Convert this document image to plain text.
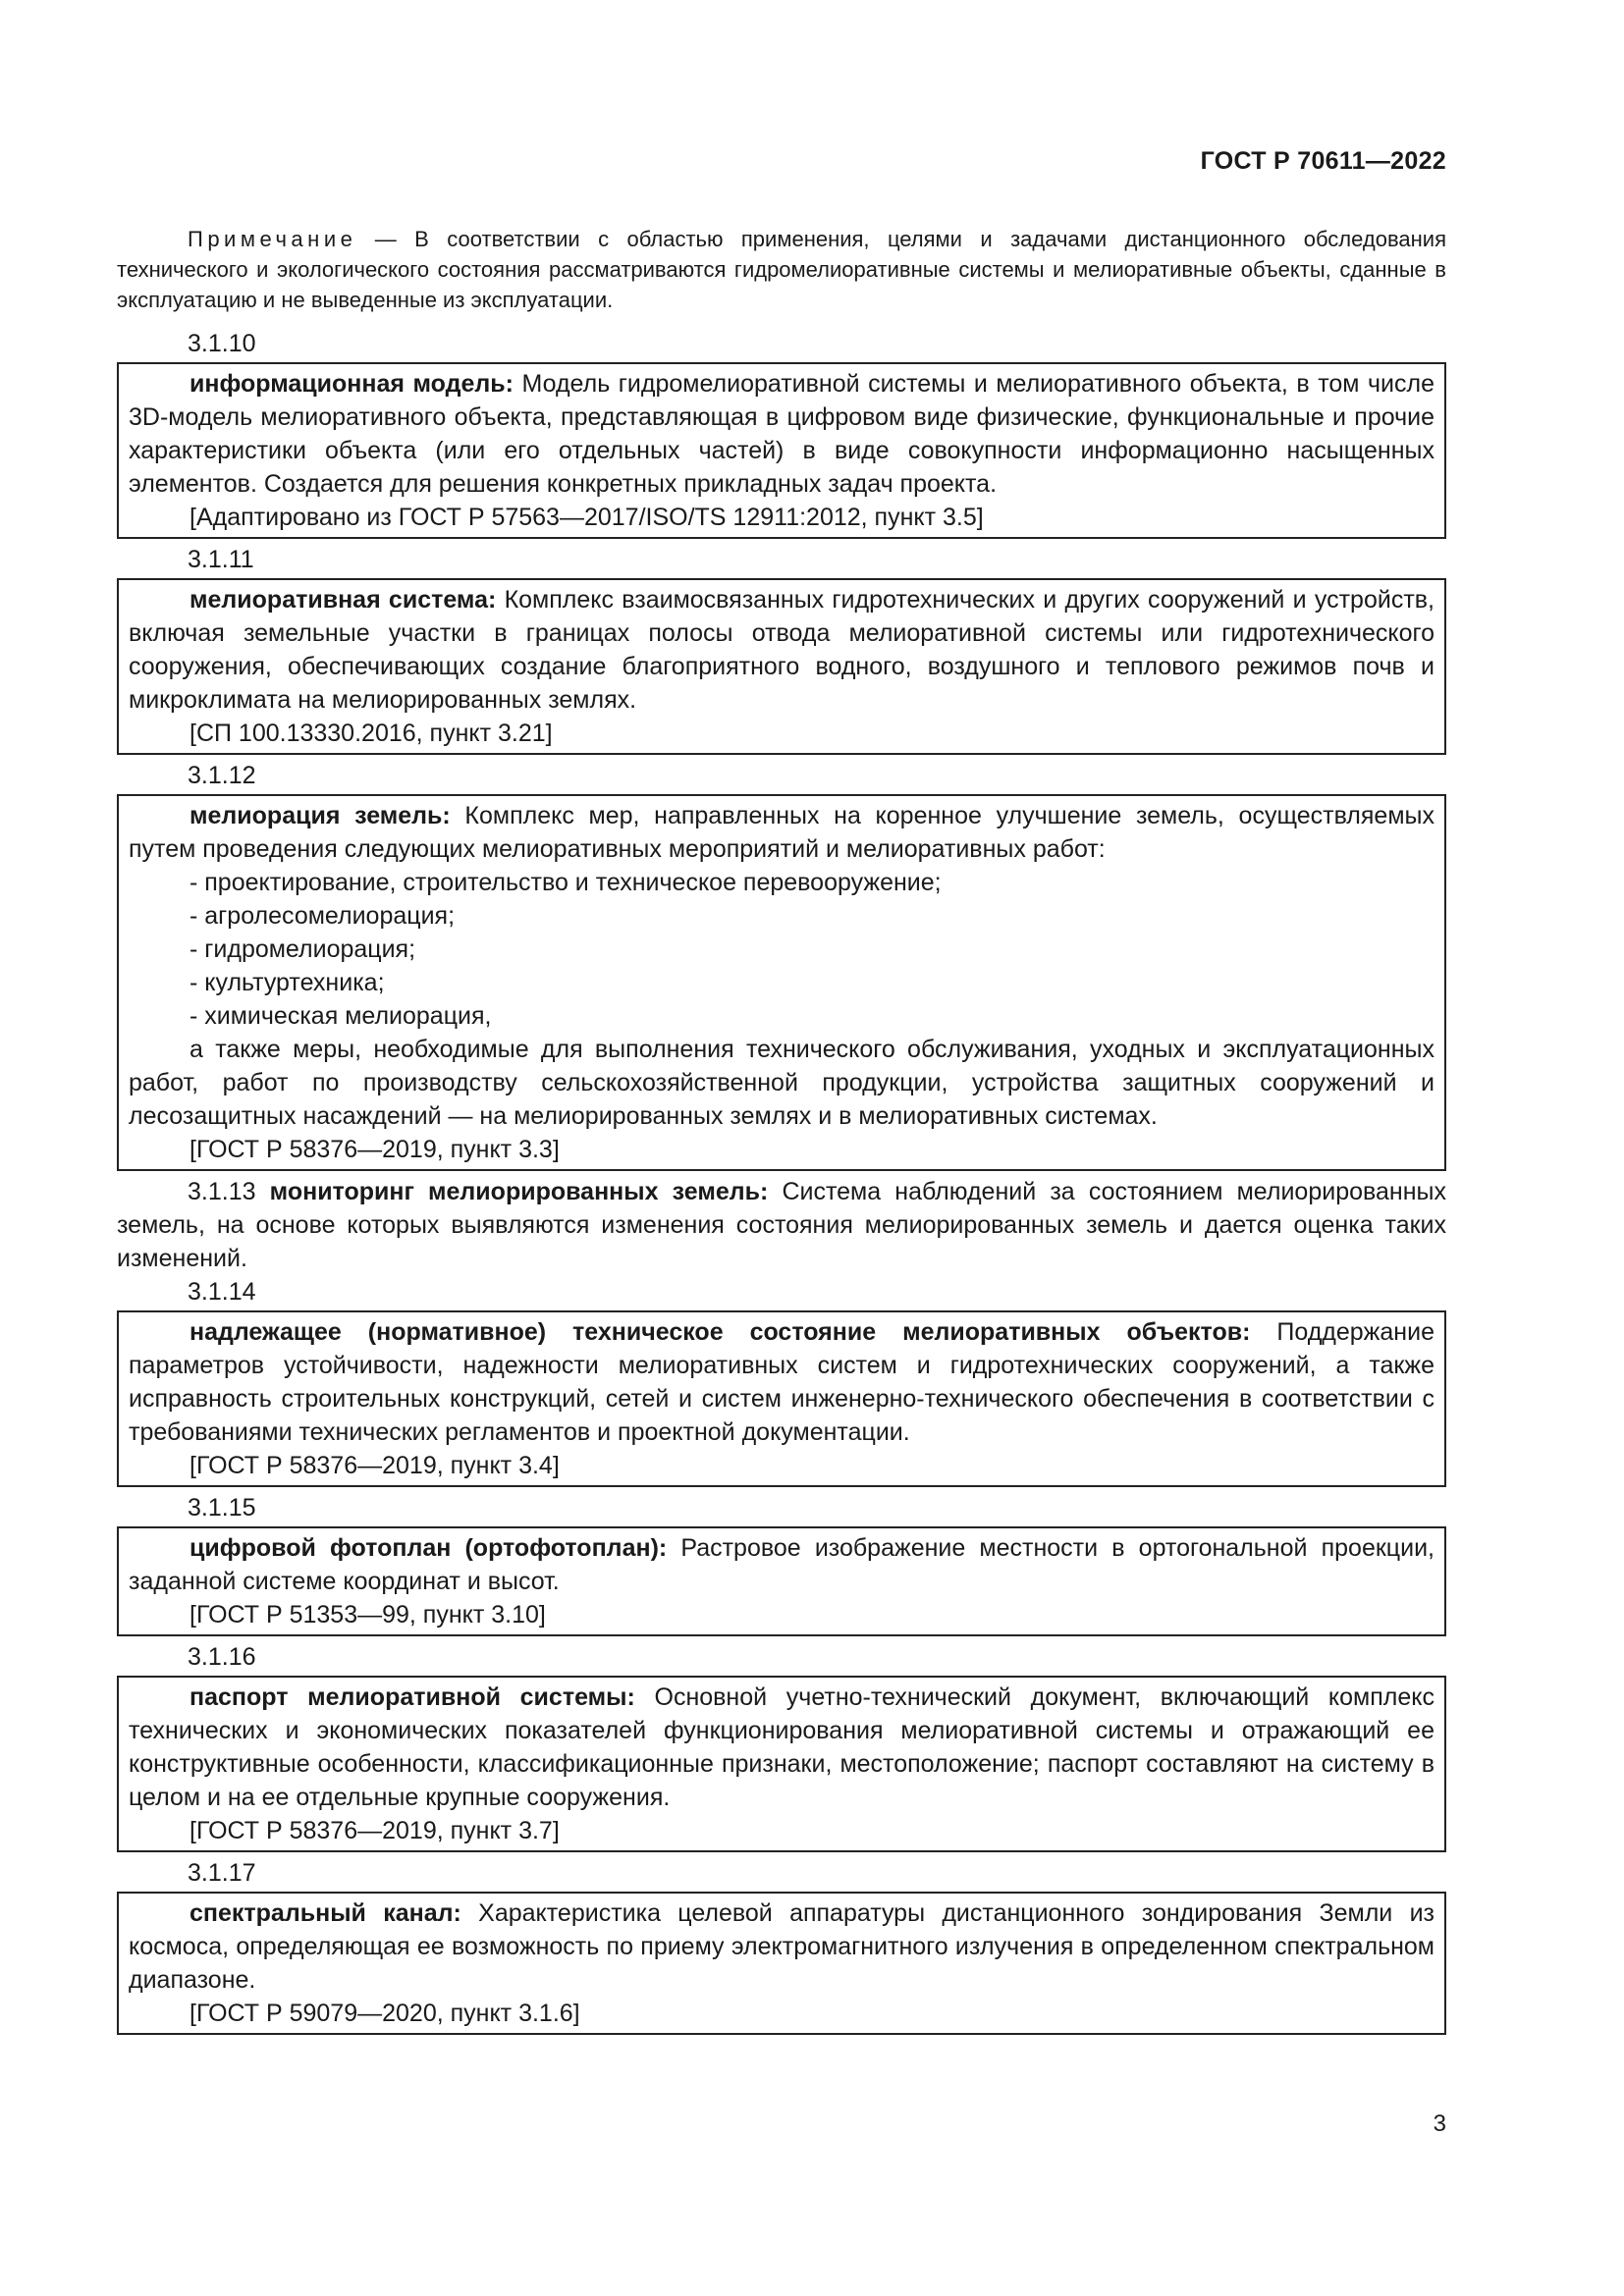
ГОСТ Р 70611—2022

Примечание — В соответствии с областью применения, целями и задачами дистанционного обследования технического и экологического состояния рассматриваются гидромелиоративные системы и мелиоративные объекты, сданные в эксплуатацию и не выведенные из эксплуатации.

3.1.10

информационная модель: Модель гидромелиоративной системы и мелиоративного объекта, в том числе 3D-модель мелиоративного объекта, представляющая в цифровом виде физические, функциональные и прочие характеристики объекта (или его отдельных частей) в виде совокупности информационно насыщенных элементов. Создается для решения конкретных прикладных задач проекта.

[Адаптировано из ГОСТ Р 57563—2017/ISO/TS 12911:2012, пункт 3.5]

3.1.11

мелиоративная система: Комплекс взаимосвязанных гидротехнических и других сооружений и устройств, включая земельные участки в границах полосы отвода мелиоративной системы или гидротехнического сооружения, обеспечивающих создание благоприятного водного, воздушного и теплового режимов почв и микроклимата на мелиорированных землях.

[СП 100.13330.2016, пункт 3.21]

3.1.12

мелиорация земель: Комплекс мер, направленных на коренное улучшение земель, осуществляемых путем проведения следующих мелиоративных мероприятий и мелиоративных работ:

- проектирование, строительство и техническое перевооружение;

- агролесомелиорация;

- гидромелиорация;

- культуртехника;

- химическая мелиорация,

а также меры, необходимые для выполнения технического обслуживания, уходных и эксплуатационных работ, работ по производству сельскохозяйственной продукции, устройства защитных сооружений и лесозащитных насаждений — на мелиорированных землях и в мелиоративных системах.

[ГОСТ Р 58376—2019, пункт 3.3]

3.1.13 мониторинг мелиорированных земель: Система наблюдений за состоянием мелиорированных земель, на основе которых выявляются изменения состояния мелиорированных земель и дается оценка таких изменений.

3.1.14

надлежащее (нормативное) техническое состояние мелиоративных объектов: Поддержание параметров устойчивости, надежности мелиоративных систем и гидротехнических сооружений, а также исправность строительных конструкций, сетей и систем инженерно-технического обеспечения в соответствии с требованиями технических регламентов и проектной документации.

[ГОСТ Р 58376—2019, пункт 3.4]

3.1.15

цифровой фотоплан (ортофотоплан): Растровое изображение местности в ортогональной проекции, заданной системе координат и высот.

[ГОСТ Р 51353—99, пункт 3.10]

3.1.16

паспорт мелиоративной системы: Основной учетно-технический документ, включающий комплекс технических и экономических показателей функционирования мелиоративной системы и отражающий ее конструктивные особенности, классификационные признаки, местоположение; паспорт составляют на систему в целом и на ее отдельные крупные сооружения.

[ГОСТ Р 58376—2019, пункт 3.7]

3.1.17

спектральный канал: Характеристика целевой аппаратуры дистанционного зондирования Земли из космоса, определяющая ее возможность по приему электромагнитного излучения в определенном спектральном диапазоне.

[ГОСТ Р 59079—2020, пункт 3.1.6]

3
